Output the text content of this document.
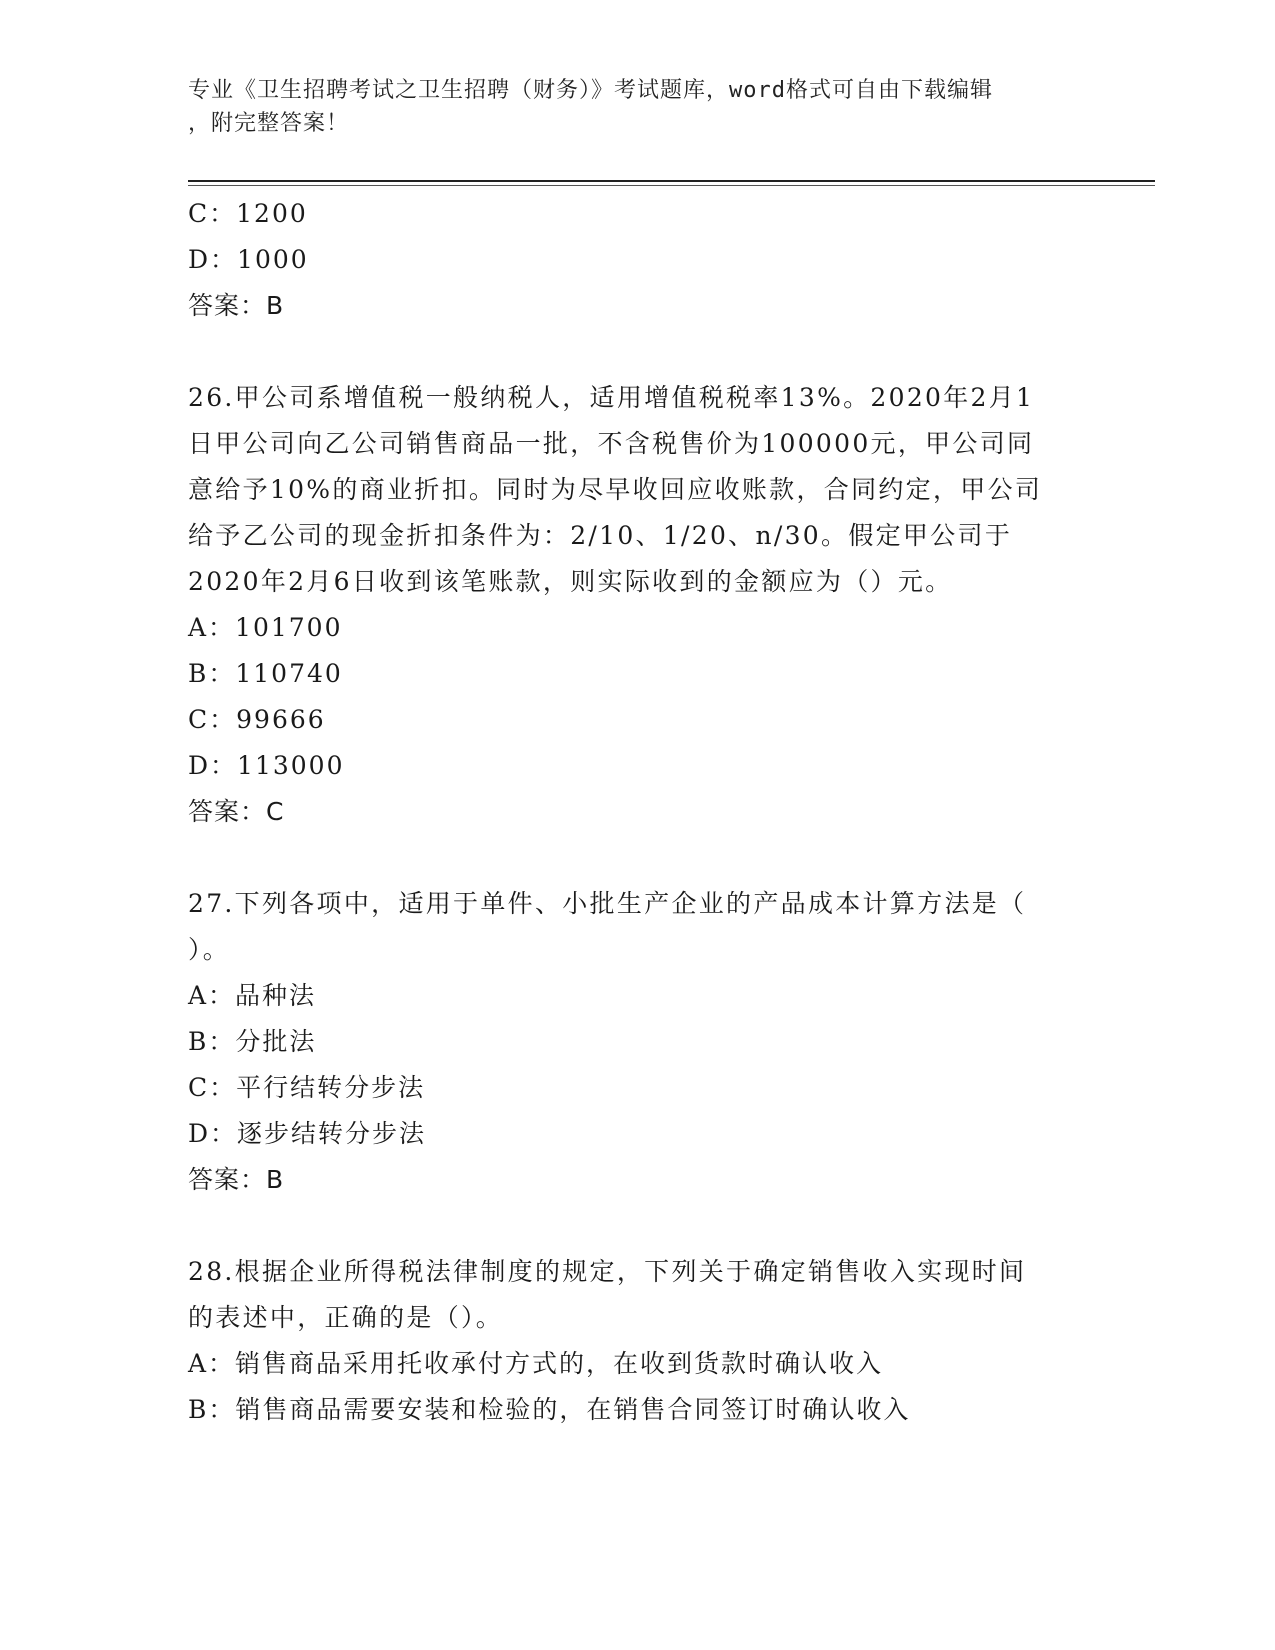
专业《卫生招聘考试之卫生招聘（财务）》考试题库，word格式可自由下载编辑
，附完整答案！
C：1200
D：1000
答案：B
26.甲公司系增值税一般纳税人，适用增值税税率13%。2020年2月1
日甲公司向乙公司销售商品一批，不含税售价为100000元，甲公司同
意给予10%的商业折扣。同时为尽早收回应收账款，合同约定，甲公司
给予乙公司的现金折扣条件为：2/10、1/20、n/30。假定甲公司于
2020年2月6日收到该笔账款，则实际收到的金额应为（）元。
A：101700
B：110740
C：99666
D：113000
答案：C
27.下列各项中，适用于单件、小批生产企业的产品成本计算方法是（
）。
A：品种法
B：分批法
C：平行结转分步法
D：逐步结转分步法
答案：B
28.根据企业所得税法律制度的规定，下列关于确定销售收入实现时间
的表述中，正确的是（）。
A：销售商品采用托收承付方式的，在收到货款时确认收入
B：销售商品需要安装和检验的，在销售合同签订时确认收入
